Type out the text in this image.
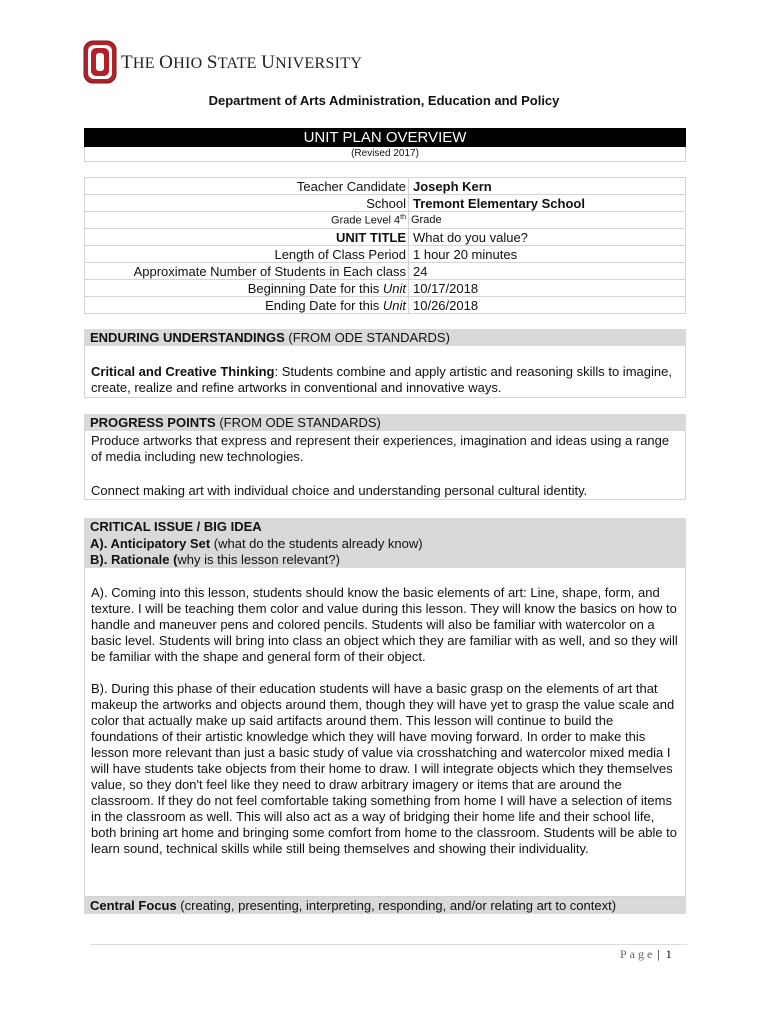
THE OHIO STATE UNIVERSITY
Department of Arts Administration, Education and Policy
UNIT PLAN OVERVIEW
(Revised 2017)
Teacher Candidate Joseph Kern
School Tremont Elementary School
Grade Level 4th Grade
UNIT TITLE What do you value?
Length of Class Period 1 hour 20 minutes
Approximate Number of Students in Each class 24
Beginning Date for this Unit 10/17/2018
Ending Date for this Unit 10/26/2018
ENDURING UNDERSTANDINGS (FROM ODE STANDARDS)
Critical and Creative Thinking: Students combine and apply artistic and reasoning skills to imagine, create, realize and refine artworks in conventional and innovative ways.
PROGRESS POINTS (FROM ODE STANDARDS)
Produce artworks that express and represent their experiences, imagination and ideas using a range of media including new technologies.
Connect making art with individual choice and understanding personal cultural identity.
CRITICAL ISSUE / BIG IDEA
A). Anticipatory Set (what do the students already know)
B). Rationale (why is this lesson relevant?)
A). Coming into this lesson, students should know the basic elements of art: Line, shape, form, and texture. I will be teaching them color and value during this lesson. They will know the basics on how to handle and maneuver pens and colored pencils. Students will also be familiar with watercolor on a basic level. Students will bring into class an object which they are familiar with as well, and so they will be familiar with the shape and general form of their object.
B). During this phase of their education students will have a basic grasp on the elements of art that makeup the artworks and objects around them, though they will have yet to grasp the value scale and color that actually make up said artifacts around them. This lesson will continue to build the foundations of their artistic knowledge which they will have moving forward. In order to make this lesson more relevant than just a basic study of value via crosshatching and watercolor mixed media I will have students take objects from their home to draw. I will integrate objects which they themselves value, so they don't feel like they need to draw arbitrary imagery or items that are around the classroom. If they do not feel comfortable taking something from home I will have a selection of items in the classroom as well. This will also act as a way of bridging their home life and their school life, both brining art home and bringing some comfort from home to the classroom. Students will be able to learn sound, technical skills while still being themselves and showing their individuality.
Central Focus (creating, presenting, interpreting, responding, and/or relating art to context)
Page | 1
